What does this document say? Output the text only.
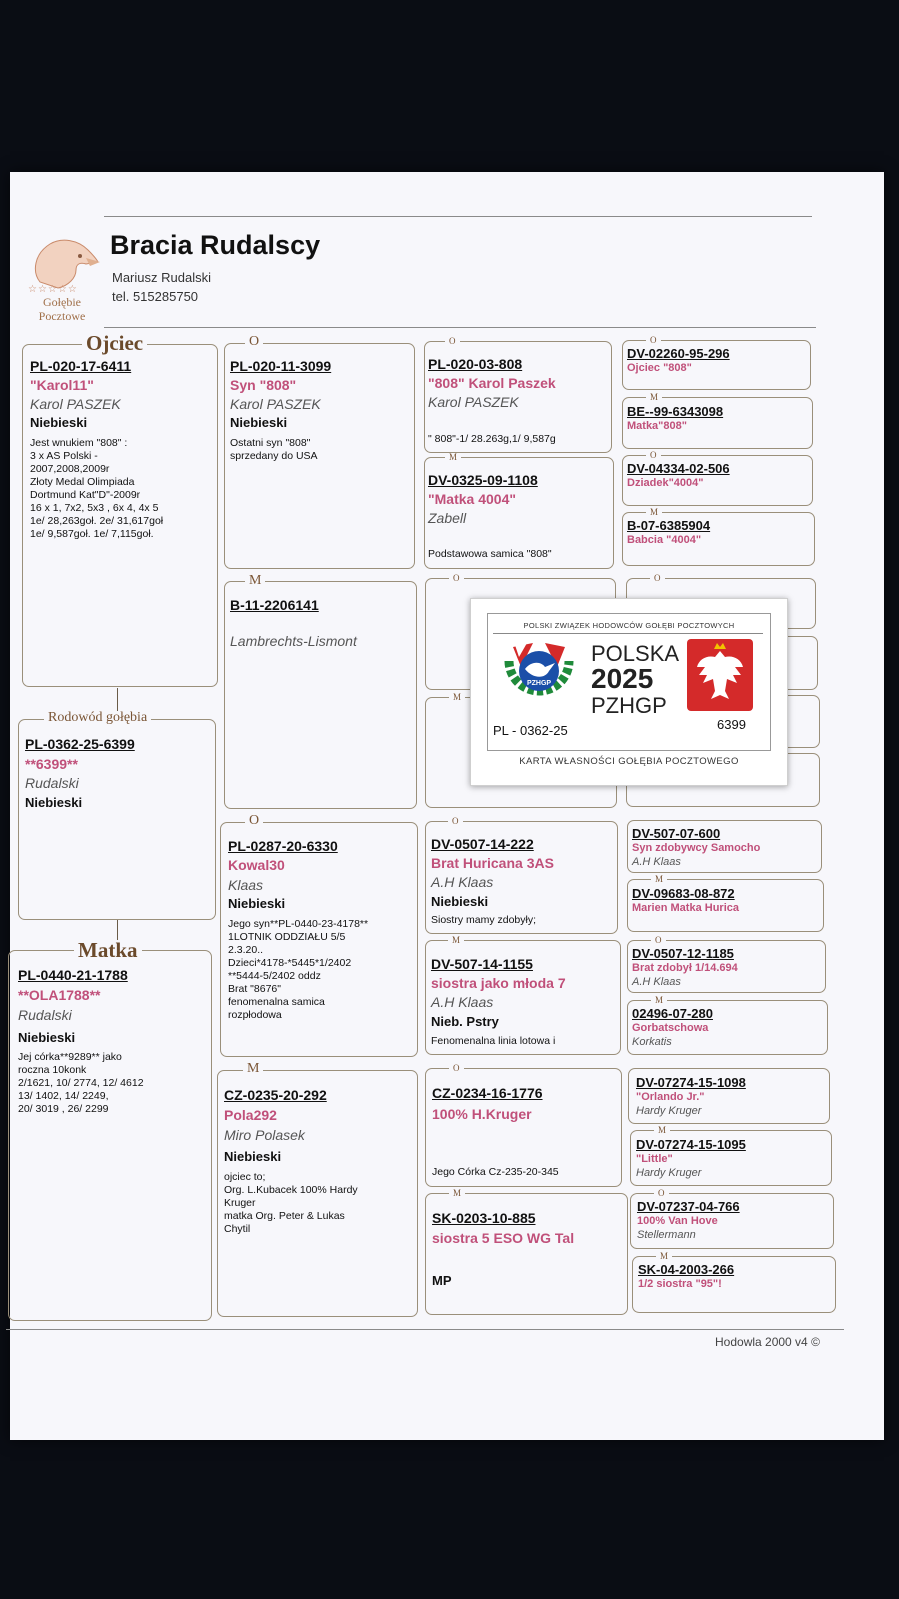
☆☆☆☆☆
Gołębie
Pocztowe
Bracia Rudalscy
Mariusz Rudalski
tel. 515285750
Ojciec
PL-020-17-6411
"Karol11"
Karol PASZEK
Niebieski
Jest wnukiem "808" :
3 x AS Polski -
2007,2008,2009r
Złoty Medal Olimpiada
Dortmund Kat"D"-2009r
16 x 1, 7x2, 5x3 , 6x 4, 4x 5
1e/ 28,263goł. 2e/ 31,617goł
1e/ 9,587goł. 1e/ 7,115goł.
Rodowód gołębia
PL-0362-25-6399
**6399**
Rudalski
Niebieski
Matka
PL-0440-21-1788
**OLA1788**
Rudalski
Niebieski
Jej córka**9289** jako
roczna 10konk
2/1621, 10/ 2774, 12/ 4612
13/ 1402, 14/ 2249,
20/ 3019 , 26/ 2299
O
PL-020-11-3099
Syn "808"
Karol PASZEK
Niebieski
Ostatni syn "808"
sprzedany do USA
M
B-11-2206141
Lambrechts-Lismont
O
PL-0287-20-6330
Kowal30
Klaas
Niebieski
Jego syn**PL-0440-23-4178**
1LOTNIK ODDZIAŁU 5/5
2.3.20..
Dzieci*4178-*5445*1/2402
**5444-5/2402 oddz
Brat "8676"
fenomenalna samica
rozpłodowa
M
CZ-0235-20-292
Pola292
Miro Polasek
Niebieski
ojciec to;
Org. L.Kubacek 100% Hardy
Kruger
matka Org. Peter & Lukas
Chytil
O
PL-020-03-808
"808" Karol Paszek
Karol PASZEK
" 808"-1/ 28.263g,1/ 9,587g
M
DV-0325-09-1108
"Matka 4004"
Zabell
Podstawowa samica "808"
O
M
O
DV-0507-14-222
Brat Huricana 3AS
A.H Klaas
Niebieski
Siostry mamy zdobyły;
M
DV-507-14-1155
siostra jako młoda 7
A.H Klaas
Nieb. Pstry
Fenomenalna linia lotowa i
O
CZ-0234-16-1776
100% H.Kruger
Jego Córka Cz-235-20-345
M
SK-0203-10-885
siostra 5 ESO WG Tal
MP
O
DV-02260-95-296
Ojciec "808"
M
BE--99-6343098
Matka"808"
O
DV-04334-02-506
Dziadek"4004"
M
B-07-6385904
Babcia "4004"
O
DV-507-07-600
Syn zdobywcy Samocho
A.H Klaas
M
DV-09683-08-872
Marien Matka Hurica
O
DV-0507-12-1185
Brat zdobył 1/14.694
A.H Klaas
M
02496-07-280
Gorbatschowa
Korkatis
DV-07274-15-1098
"Orlando Jr."
Hardy Kruger
M
DV-07274-15-1095
"Little"
Hardy Kruger
O
DV-07237-04-766
100% Van Hove
Stellermann
M
SK-04-2003-266
1/2 siostra "95"!
POLSKI ZWIĄZEK HODOWCÓW GOŁĘBI POCZTOWYCH
PZHGP
POLSKA
2025
PZHGP
PL - 0362-25	6399
KARTA WŁASNOŚCI GOŁĘBIA POCZTOWEGO
Hodowla 2000 v4 ©
